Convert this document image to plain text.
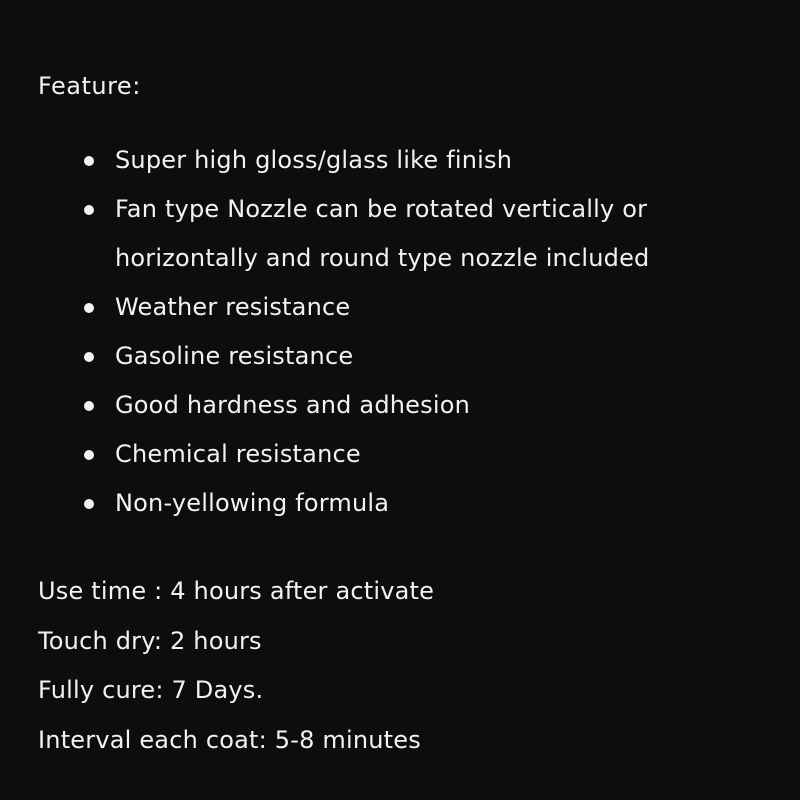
Feature:
Super high gloss/glass like finish
Fan type Nozzle can be rotated vertically or horizontally and round type nozzle included
Weather resistance
Gasoline resistance
Good hardness and adhesion
Chemical resistance
Non-yellowing formula
Use time : 4 hours after activate
Touch dry: 2 hours
Fully cure: 7 Days.
Interval each coat: 5-8 minutes
